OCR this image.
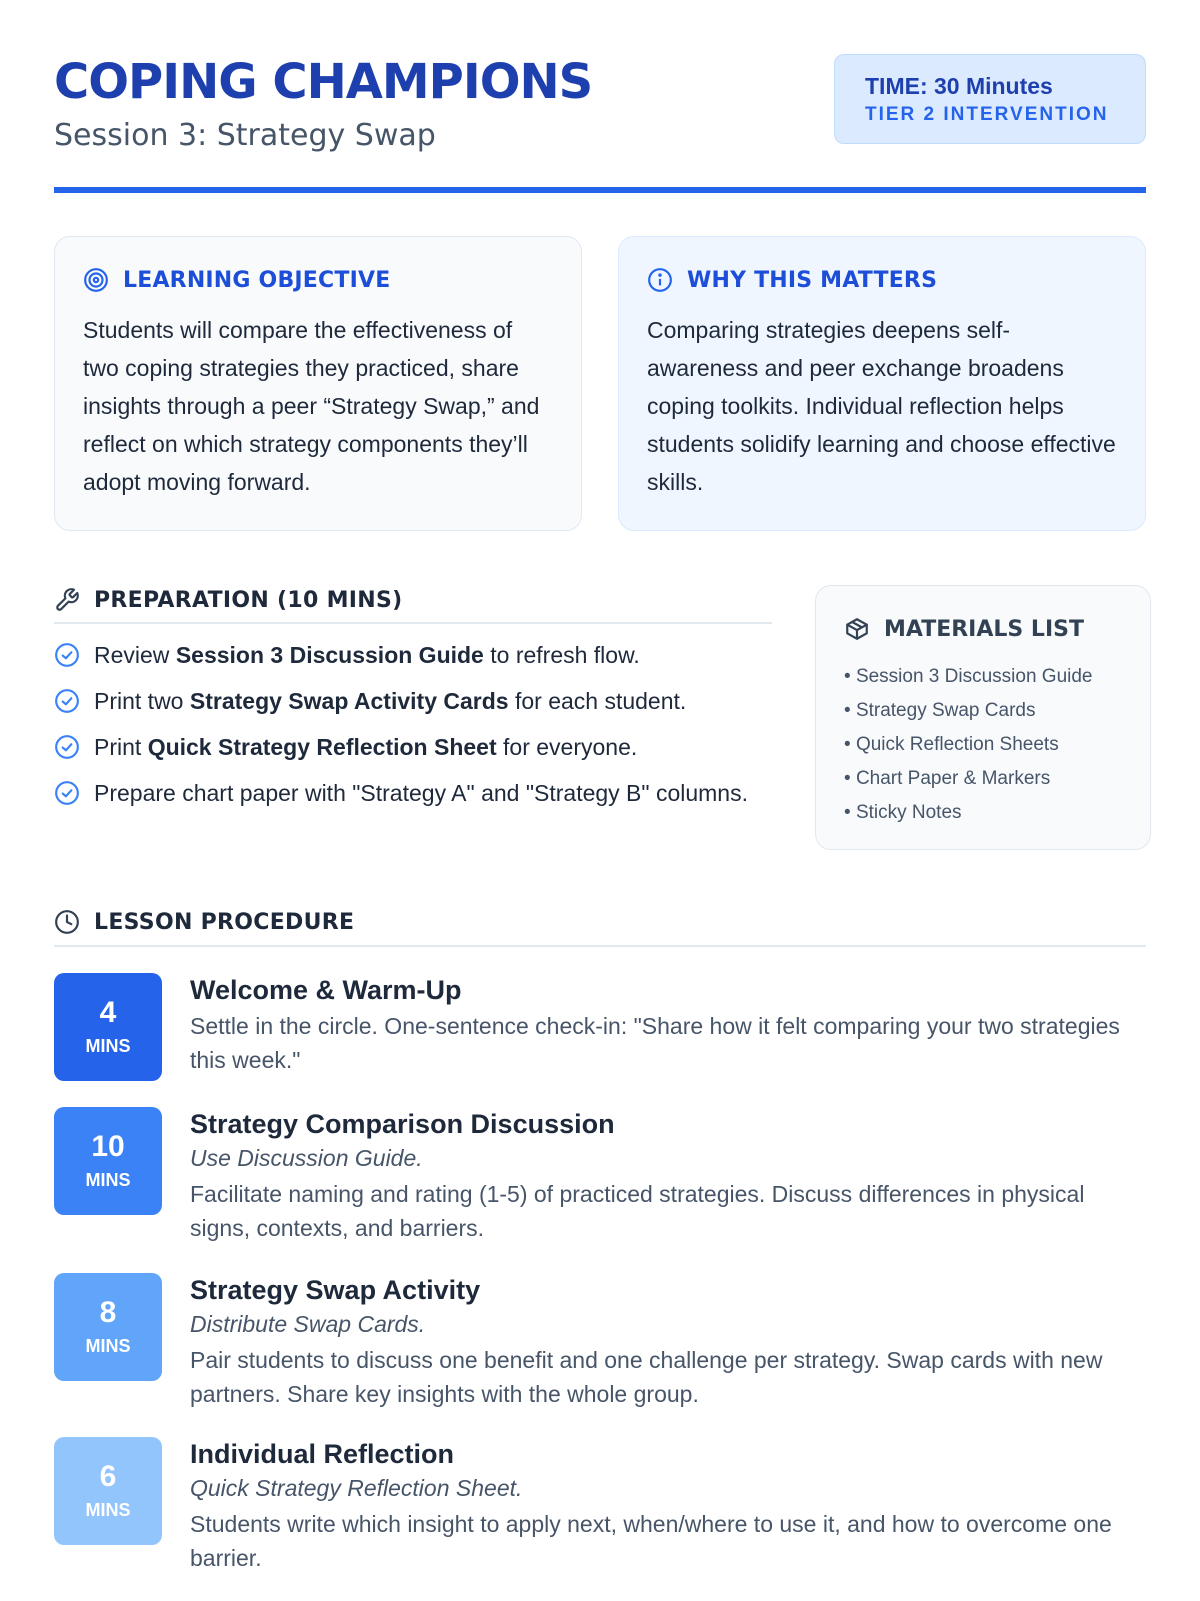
COPING CHAMPIONS
Session 3: Strategy Swap
TIME: 30 Minutes
TIER 2 INTERVENTION
LEARNING OBJECTIVE
Students will compare the effectiveness of two coping strategies they practiced, share insights through a peer “Strategy Swap,” and reflect on which strategy components they’ll adopt moving forward.
WHY THIS MATTERS
Comparing strategies deepens self-awareness and peer exchange broadens coping toolkits. Individual reflection helps students solidify learning and choose effective skills.
PREPARATION (10 MINS)
Review Session 3 Discussion Guide to refresh flow.
Print two Strategy Swap Activity Cards for each student.
Print Quick Strategy Reflection Sheet for everyone.
Prepare chart paper with "Strategy A" and "Strategy B" columns.
MATERIALS LIST
• Session 3 Discussion Guide
• Strategy Swap Cards
• Quick Reflection Sheets
• Chart Paper & Markers
• Sticky Notes
LESSON PROCEDURE
4
MINS
Welcome & Warm-Up
Settle in the circle. One-sentence check-in: "Share how it felt comparing your two strategies this week."
10
MINS
Strategy Comparison Discussion
Use Discussion Guide.
Facilitate naming and rating (1-5) of practiced strategies. Discuss differences in physical signs, contexts, and barriers.
8
MINS
Strategy Swap Activity
Distribute Swap Cards.
Pair students to discuss one benefit and one challenge per strategy. Swap cards with new partners. Share key insights with the whole group.
6
MINS
Individual Reflection
Quick Strategy Reflection Sheet.
Students write which insight to apply next, when/where to use it, and how to overcome one barrier.
